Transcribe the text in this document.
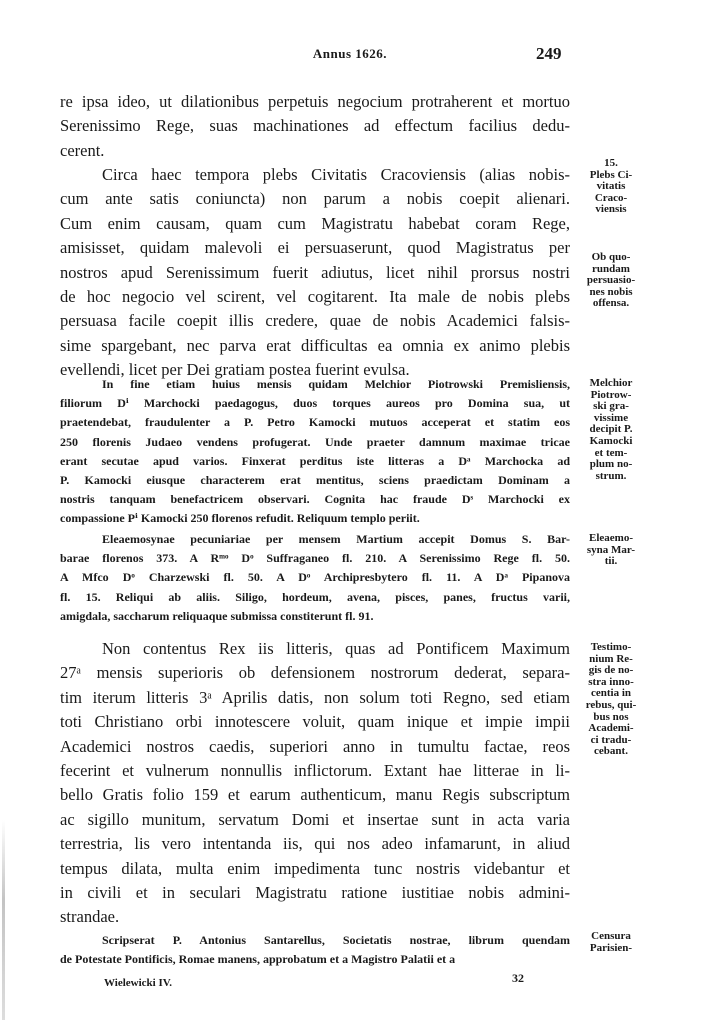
Annus 1626.	249
re ipsa ideo, ut dilationibus perpetuis negocium protraherent et mortuo
Serenissimo Rege, suas machinationes ad effectum facilius dedu-
cerent.
Circa haec tempora plebs Civitatis Cracoviensis (alias nobis-
cum ante satis coniuncta) non parum a nobis coepit alienari.
Cum enim causam, quam cum Magistratu habebat coram Rege,
amisisset, quidam malevoli ei persuaserunt, quod Magistratus per
nostros apud Serenissimum fuerit adiutus, licet nihil prorsus nostri
de hoc negocio vel scirent, vel cogitarent. Ita male de nobis plebs
persuasa facile coepit illis credere, quae de nobis Academici falsis-
sime spargebant, nec parva erat difficultas ea omnia ex animo plebis
evellendi, licet per Dei gratiam postea fuerint evulsa.
In fine etiam huius mensis quidam Melchior Piotrowski Premisliensis,
filiorum Dⁱ Marchocki paedagogus, duos torques aureos pro Domina sua, ut
praetendebat, fraudulenter a P. Petro Kamocki mutuos acceperat et statim eos
250 florenis Judaeo vendens profugerat. Unde praeter damnum maximae tricae
erant secutae apud varios. Finxerat perditus iste litteras a Dᵃ Marchocka ad
P. Kamocki eiusque characterem erat mentitus, sciens praedictam Dominam a
nostris tanquam benefactricem observari. Cognita hac fraude Dˢ Marchocki ex
compassione Pⁱ Kamocki 250 florenos refudit. Reliquum templo periit.
Eleaemosynae pecuniariae per mensem Martium accepit Domus S. Bar-
barae florenos 373. A Rᵐᵒ Dᵒ Suffraganeo fl. 210. A Serenissimo Rege fl. 50.
A Mfco Dᵒ Charzewski fl. 50. A Dᵒ Archipresbytero fl. 11. A Dᵃ Pipanova
fl. 15. Reliqui ab aliis. Siligo, hordeum, avena, pisces, panes, fructus varii,
amigdala, saccharum reliquaque submissa constiterunt fl. 91.
Non contentus Rex iis litteris, quas ad Pontificem Maximum
27ᵃ mensis superioris ob defensionem nostrorum dederat, separa-
tim iterum litteris 3ᵃ Aprilis datis, non solum toti Regno, sed etiam
toti Christiano orbi innotescere voluit, quam inique et impie impii
Academici nostros caedis, superiori anno in tumultu factae, reos
fecerint et vulnerum nonnullis inflictorum. Extant hae litterae in li-
bello Gratis folio 159 et earum authenticum, manu Regis subscriptum
ac sigillo munitum, servatum Domi et insertae sunt in acta varia
terrestria, lis vero intentanda iis, qui nos adeo infamarunt, in aliud
tempus dilata, multa enim impedimenta tunc nostris videbantur et
in civili et in seculari Magistratu ratione iustitiae nobis admini-
strandae.
Scripserat P. Antonius Santarellus, Societatis nostrae, librum quendam
de Potestate Pontificis, Romae manens, approbatum et a Magistro Palatii et a
15.
Plebs Ci-
vitatis
Craco-
viensis
Ob quo-
rundam
persuasio-
nes nobis
offensa.
Melchior
Piotrow-
ski gra-
vissime
decipit P.
Kamocki
et tem-
plum no-
strum.
Eleaemo-
syna Mar-
tii.
Testimo-
nium Re-
gis de no-
stra inno-
centia in
rebus, qui-
bus nos
Academi-
ci tradu-
cebant.
Censura
Parisien-
Wielewicki IV.	32
